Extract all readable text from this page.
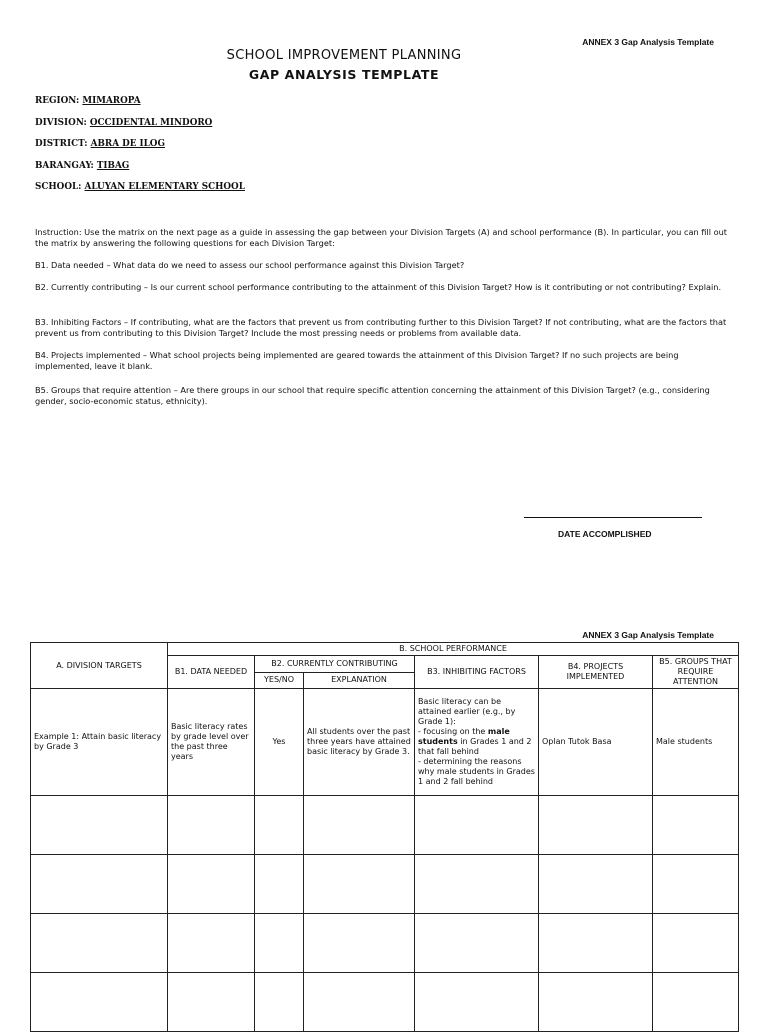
ANNEX 3 Gap Analysis Template
SCHOOL IMPROVEMENT PLANNING
GAP ANALYSIS TEMPLATE
REGION: MIMAROPA
DIVISION: OCCIDENTAL MINDORO
DISTRICT: ABRA DE ILOG
BARANGAY: TIBAG
SCHOOL: ALUYAN ELEMENTARY SCHOOL
Instruction: Use the matrix on the next page as a guide in assessing the gap between your Division Targets (A) and school performance (B). In particular, you can fill out the matrix by answering the following questions for each Division Target:
B1. Data needed – What data do we need to assess our school performance against this Division Target?
B2. Currently contributing – Is our current school performance contributing to the attainment of this Division Target? How is it contributing or not contributing? Explain.
B3. Inhibiting Factors – If contributing, what are the factors that prevent us from contributing further to this Division Target? If not contributing, what are the factors that prevent us from contributing to this Division Target? Include the most pressing needs or problems from available data.
B4. Projects implemented – What school projects being implemented are geared towards the attainment of this Division Target? If no such projects are being implemented, leave it blank.
B5. Groups that require attention – Are there groups in our school that require specific attention concerning the attainment of this Division Target? (e.g., considering gender, socio-economic status, ethnicity).
DATE ACCOMPLISHED
ANNEX 3 Gap Analysis Template
A. DIVISION TARGETS	B. SCHOOL PERFORMANCE					
	B1. DATA NEEDED	B2. CURRENTLY CONTRIBUTING		B3. INHIBITING FACTORS	B4. PROJECTS IMPLEMENTED	B5. GROUPS THAT REQUIRE ATTENTION
		YES/NO	EXPLANATION			
Example 1: Attain basic literacy by Grade 3	Basic literacy rates by grade level over the past three years	Yes	All students over the past three years have attained basic literacy by Grade 3.	Basic literacy can be attained earlier (e.g., by Grade 1):
- focusing on the male students in Grades 1 and 2 that fall behind
- determining the reasons why male students in Grades 1 and 2 fall behind	Oplan Tutok Basa	Male students
